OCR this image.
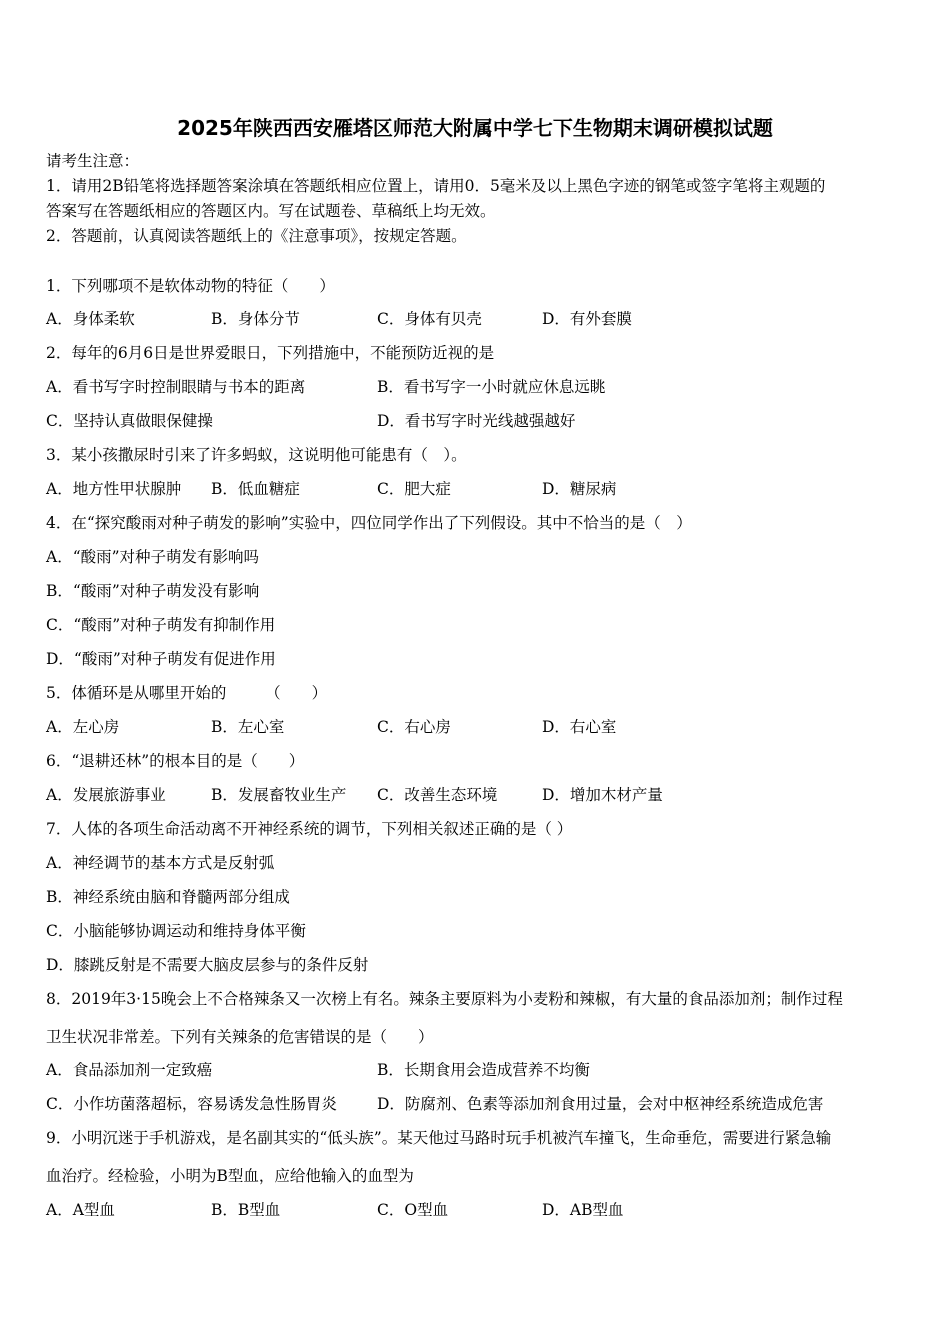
2025年陕西西安雁塔区师范大附属中学七下生物期末调研模拟试题
请考生注意：
1．请用2B铅笔将选择题答案涂填在答题纸相应位置上，请用0．5毫米及以上黑色字迹的钢笔或签字笔将主观题的
答案写在答题纸相应的答题区内。写在试题卷、草稿纸上均无效。
2．答题前，认真阅读答题纸上的《注意事项》，按规定答题。
1．下列哪项不是软体动物的特征（　　）
A．身体柔软	B．身体分节	C．身体有贝壳	D．有外套膜
2．每年的6月6日是世界爱眼日，下列措施中，不能预防近视的是
A．看书写字时控制眼睛与书本的距离	B．看书写字一小时就应休息远眺
C．坚持认真做眼保健操	D．看书写字时光线越强越好
3．某小孩撒尿时引来了许多蚂蚁，这说明他可能患有（　）。
A．地方性甲状腺肿 B．低血糖症	C．肥大症	D．糖尿病
4．在“探究酸雨对种子萌发的影响”实验中，四位同学作出了下列假设。其中不恰当的是（　）
A．“酸雨”对种子萌发有影响吗
B．“酸雨”对种子萌发没有影响
C．“酸雨”对种子萌发有抑制作用
D．“酸雨”对种子萌发有促进作用
5．体循环是从哪里开始的　　　（　　）
A．左心房	B．左心室	C．右心房	D．右心室
6．“退耕还林”的根本目的是（　　）
A．发展旅游事业	B．发展畜牧业生产 C．改善生态环境	D．增加木材产量
7．人体的各项生命活动离不开神经系统的调节，下列相关叙述正确的是（ ）
A．神经调节的基本方式是反射弧
B．神经系统由脑和脊髓两部分组成
C．小脑能够协调运动和维持身体平衡
D．膝跳反射是不需要大脑皮层参与的条件反射
8．2019年3·15晚会上不合格辣条又一次榜上有名。辣条主要原料为小麦粉和辣椒，有大量的食品添加剂；制作过程
卫生状况非常差。下列有关辣条的危害错误的是（　　）
A．食品添加剂一定致癌	B．长期食用会造成营养不均衡
C．小作坊菌落超标，容易诱发急性肠胃炎	D．防腐剂、色素等添加剂食用过量，会对中枢神经系统造成危害
9．小明沉迷于手机游戏，是名副其实的“低头族”。某天他过马路时玩手机被汽车撞飞，生命垂危，需要进行紧急输
血治疗。经检验，小明为B型血，应给他输入的血型为
A．A型血	B．B型血	C．O型血	D．AB型血
